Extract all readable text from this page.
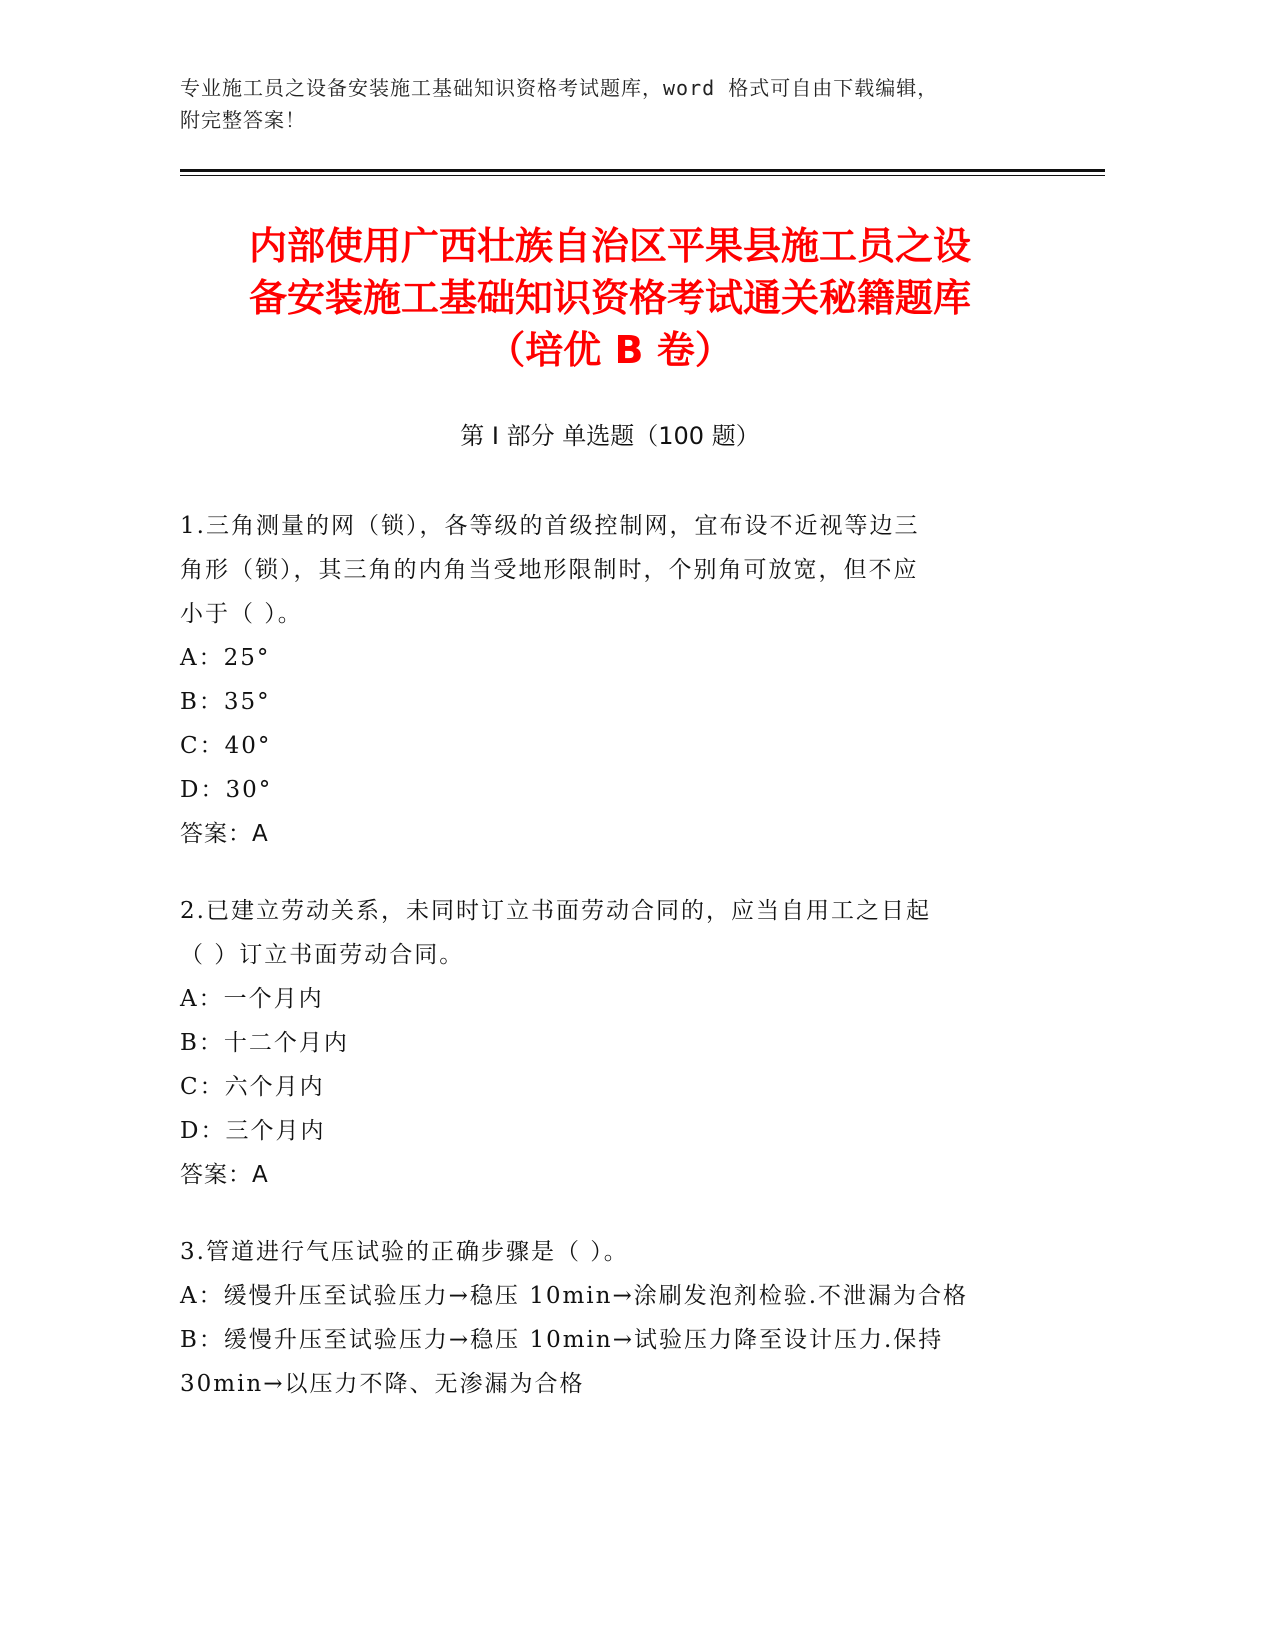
专业施工员之设备安装施工基础知识资格考试题库，word 格式可自由下载编辑，
附完整答案！
内部使用广西壮族自治区平果县施工员之设
备安装施工基础知识资格考试通关秘籍题库
（培优 B 卷）
第 I 部分 单选题（100 题）
1.三角测量的网（锁），各等级的首级控制网，宜布设不近视等边三
角形（锁），其三角的内角当受地形限制时，个别角可放宽，但不应
小于（ ）。
A：25°
B：35°
C：40°
D：30°
答案：A
2.已建立劳动关系，未同时订立书面劳动合同的，应当自用工之日起
（ ）订立书面劳动合同。
A：一个月内
B：十二个月内
C：六个月内
D：三个月内
答案：A
3.管道进行气压试验的正确步骤是（ ）。
A：缓慢升压至试验压力→稳压 10min→涂刷发泡剂检验.不泄漏为合格
B：缓慢升压至试验压力→稳压 10min→试验压力降至设计压力.保持
30min→以压力不降、无渗漏为合格
